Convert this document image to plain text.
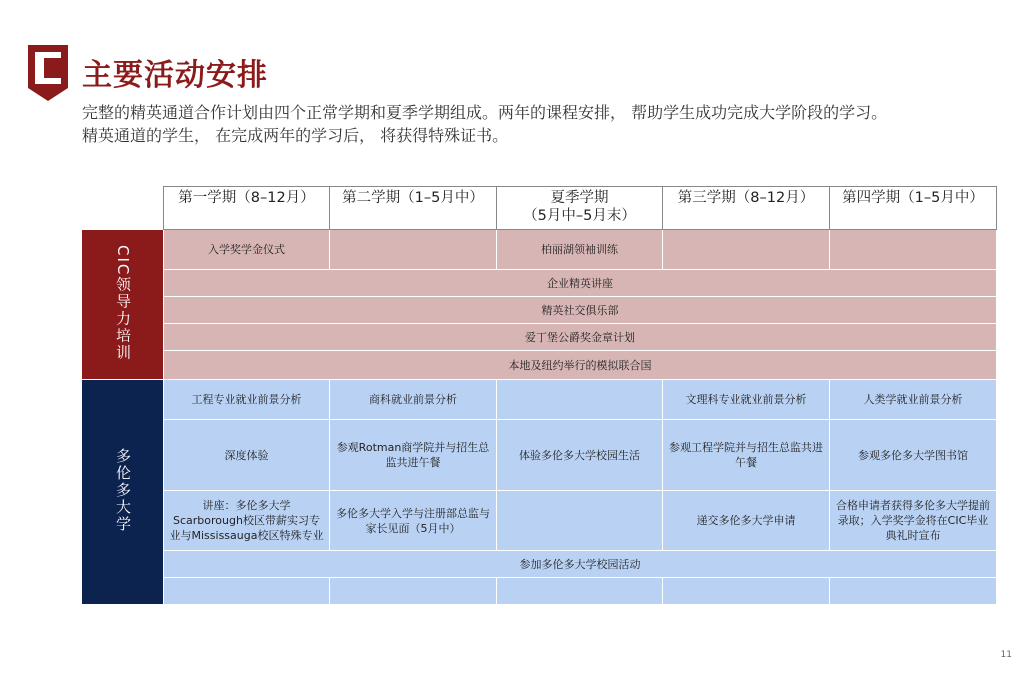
主要活动安排
完整的精英通道合作计划由四个正常学期和夏季学期组成。两年的课程安排， 帮助学生成功完成大学阶段的学习。
精英通道的学生， 在完成两年的学习后， 将获得特殊证书。
	第一学期（8–12月）	第二学期（1–5月中）	夏季学期
（5月中–5月末）	第三学期（8–12月）	第四学期（1–5月中）
CIC领导力培训	入学奖学金仪式		柏丽湖领袖训练		
	企业精英讲座				
	精英社交俱乐部				
	爱丁堡公爵奖金章计划				
	本地及纽约举行的模拟联合国				
多伦多大学	工程专业就业前景分析	商科就业前景分析		文理科专业就业前景分析	人类学就业前景分析
	深度体验	参观Rotman商学院并与招生总监共进午餐	体验多伦多大学校园生活	参观工程学院并与招生总监共进午餐	参观多伦多大学图书馆
	讲座：多伦多大学Scarborough校区带薪实习专业与Mississauga校区特殊专业	多伦多大学入学与注册部总监与家长见面（5月中）		递交多伦多大学申请	合格申请者获得多伦多大学提前录取；入学奖学金将在CIC毕业典礼时宣布
	参加多伦多大学校园活动				

11
